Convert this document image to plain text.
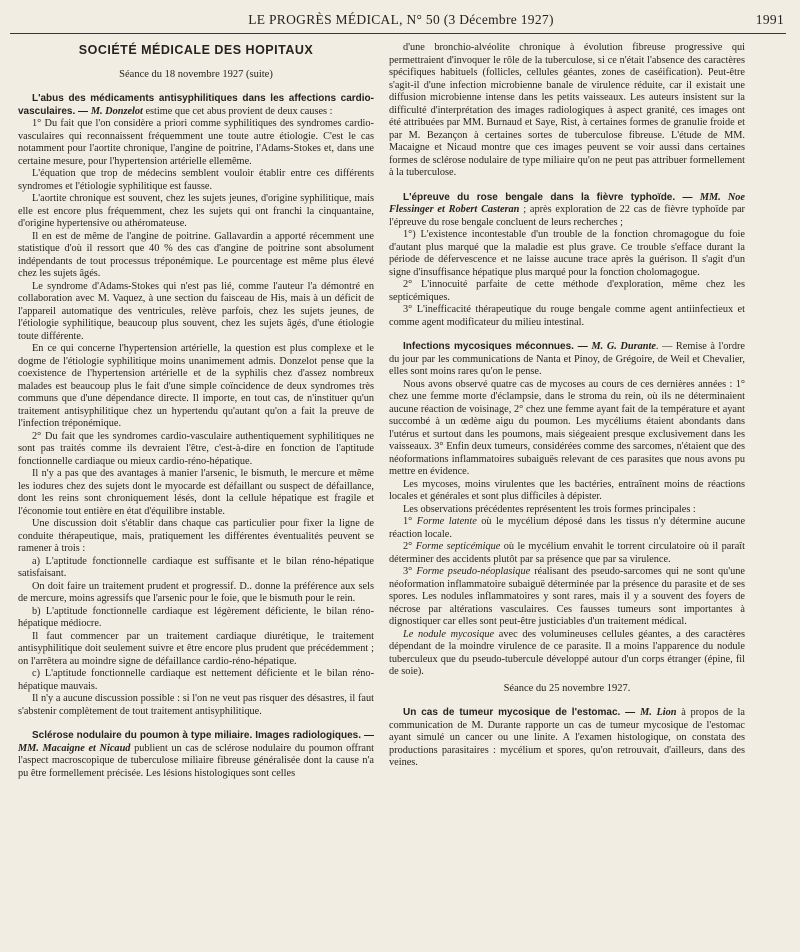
LE PROGRÈS MÉDICAL, N° 50 (3 Décembre 1927)	1991
SOCIÉTÉ MÉDICALE DES HOPITAUX
Séance du 18 novembre 1927 (suite)

L'abus des médicaments antisyphilitiques dans les affections cardio-vasculaires. — M. Donzelot estime que cet abus provient de deux causes :

1° Du fait que l'on considère a priori comme syphilitiques des syndromes cardio-vasculaires qui reconnaissent fréquemment une toute autre étiologie. C'est le cas notamment pour l'aortite chronique, l'angine de poitrine, l'Adams-Stokes et, dans une certaine mesure, pour l'hypertension artérielle ellemême.

L'équation que trop de médecins semblent vouloir établir entre ces différents syndromes et l'étiologie syphilitique est fausse.

L'aortite chronique est souvent, chez les sujets jeunes, d'origine syphilitique, mais elle est encore plus fréquemment, chez les sujets qui ont franchi la cinquantaine, d'origine hypertensive ou athéromateuse.

Il en est de même de l'angine de poitrine. Gallavardin a apporté récemment une statistique d'où il ressort que 40 % des cas d'angine de poitrine sont absolument indépendants de tout processus tréponémique. Le pourcentage est même plus élevé chez les sujets âgés.

Le syndrome d'Adams-Stokes qui n'est pas lié, comme l'auteur l'a démontré en collaboration avec M. Vaquez, à une section du faisceau de His, mais à un déficit de l'appareil automatique des ventricules, relève parfois, chez les sujets jeunes, de l'étiologie syphilitique, beaucoup plus souvent, chez les sujets âgés, d'une étiologie toute différente.

En ce qui concerne l'hypertension artérielle, la question est plus complexe et le dogme de l'étiologie syphilitique moins unanimement admis. Donzelot pense que la coexistence de l'hypertension artérielle et de la syphilis chez d'assez nombreux malades est beaucoup plus le fait d'une simple coïncidence de deux syndromes très communs que d'une dépendance directe. Il importe, en tout cas, de n'instituer qu'un traitement antisyphilitique chez un hypertendu qu'autant qu'on a fait la preuve de l'infection tréponémique.

2° Du fait que les syndromes cardio-vasculaire authentiquement syphilitiques ne sont pas traités comme ils devraient l'être, c'est-à-dire en fonction de l'aptitude fonctionnelle cardiaque ou mieux cardio-réno-hépatique.

Il n'y a pas que des avantages à manier l'arsenic, le bismuth, le mercure et même les iodures chez des sujets dont le myocarde est défaillant ou suspect de défaillance, dont les reins sont chroniquement lésés, dont la cellule hépatique est fragile et l'économie tout entière en état d'équilibre instable.

Une discussion doit s'établir dans chaque cas particulier pour fixer la ligne de conduite thérapeutique, mais, pratiquement les différentes éventualités peuvent se ramener à trois :

a) L'aptitude fonctionnelle cardiaque est suffisante et le bilan réno-hépatique satisfaisant.

On doit faire un traitement prudent et progressif. D.. donne la préférence aux sels de mercure, moins agressifs que l'arsenic pour le foie, que le bismuth pour le rein.

b) L'aptitude fonctionnelle cardiaque est légèrement déficiente, le bilan réno-hépatique médiocre.

Il faut commencer par un traitement cardiaque diurétique, le traitement antisyphilitique doit seulement suivre et être encore plus prudent que précédemment ; on l'arrêtera au moindre signe de défaillance cardio-réno-hépatique.

c) L'aptitude fonctionnelle cardiaque est nettement déficiente et le bilan réno-hépatique mauvais.

Il n'y a aucune discussion possible : si l'on ne veut pas risquer des désastres, il faut s'abstenir complètement de tout traitement antisyphilitique.

Sclérose nodulaire du poumon à type miliaire. Images radiologiques. — MM. Macaigne et Nicaud publient un cas de sclérose nodulaire du poumon offrant l'aspect macroscopique de tuberculose miliaire fibreuse généralisée dont la cause n'a pu être formellement précisée. Les lésions histologiques sont celles

d'une bronchio-alvéolite chronique à évolution fibreuse progressive qui permettraient d'invoquer le rôle de la tuberculose, si ce n'était l'absence des caractères spécifiques habituels (follicles, cellules géantes, zones de caséification). Peut-être s'agit-il d'une infection microbienne banale de virulence réduite, car il existait une diffusion microbienne intense dans les petits vaisseaux. Les auteurs insistent sur la difficulté d'interprétation des images radiologiques à aspect granité, ces images ont été attribuées par MM. Burnaud et Saye, Rist, à certaines formes de granulie froide et par M. Bezançon à certaines sortes de tuberculose fibreuse. L'étude de MM. Macaigne et Nicaud montre que ces images peuvent se voir aussi dans certaines formes de sclérose nodulaire de type miliaire qu'on ne peut pas attribuer formellement à la tuberculose.

L'épreuve du rose bengale dans la fièvre typhoïde. — MM. Noe Flessinger et Robert Casteran ; après exploration de 22 cas de fièvre typhoïde par l'épreuve du rose bengale concluent de leurs recherches ;

1°) L'existence incontestable d'un trouble de la fonction chromagogue du foie d'autant plus marqué que la maladie est plus grave. Ce trouble s'efface durant la période de défervescence et ne laisse aucune trace après la guérison. Il s'agit d'un signe d'insuffisance hépatique plus marqué pour la fonction cholomagogue.

2° L'innocuité parfaite de cette méthode d'exploration, même chez les septicémiques.

3° L'inefficacité thérapeutique du rouge bengale comme agent antiinfectieux et comme agent modificateur du milieu intestinal.

Infections mycosiques méconnues. — M. G. Durante. — Remise à l'ordre du jour par les communications de Nanta et Pinoy, de Grégoire, de Weil et Chevalier, elles sont moins rares qu'on le pense.

Nous avons observé quatre cas de mycoses au cours de ces dernières années : 1° chez une femme morte d'éclampsie, dans le stroma du rein, où ils ne déterminaient aucune réaction de voisinage, 2° chez une femme ayant fait de la température et ayant succombé à un œdème aigu du poumon. Les mycéliums étaient abondants dans l'utérus et surtout dans les poumons, mais siégeaient presque exclusivement dans les vaisseaux. 3° Enfin deux tumeurs, considérées comme des sarcomes, n'étaient que des néoformations inflammatoires subaiguës relevant de ces parasites que nous avons pu mettre en évidence.

Les mycoses, moins virulentes que les bactéries, entraînent moins de réactions locales et générales et sont plus difficiles à dépister.

Les observations précédentes représentent les trois formes principales :

1° Forme latente où le mycélium déposé dans les tissus n'y détermine aucune réaction locale.

2° Forme septicémique où le mycélium envahit le torrent circulatoire où il paraît déterminer des accidents plutôt par sa présence que par sa virulence.

3° Forme pseudo-néoplasique réalisant des pseudo-sarcomes qui ne sont qu'une néoformation inflammatoire subaiguë déterminée par la présence du parasite et de ses spores. Les nodules inflammatoires y sont rares, mais il y a souvent des foyers de nécrose par altérations vasculaires. Ces fausses tumeurs sont importantes à dignostiquer car elles sont peut-être justiciables d'un traitement médical.

Le nodule mycosique avec des volumineuses cellules géantes, a des caractères dépendant de la moindre virulence de ce parasite. Il a moins l'apparence du nodule tuberculeux que du pseudo-tubercule développé autour d'un corps étranger (épine, fil de soie).

Séance du 25 novembre 1927.

Un cas de tumeur mycosique de l'estomac. — M. Lion à propos de la communication de M. Durante rapporte un cas de tumeur mycosique de l'estomac ayant simulé un cancer ou une linite. A l'examen histologique, on constata des productions parasitaires : mycélium et spores, qu'on retrouvait, d'ailleurs, dans des veines.
